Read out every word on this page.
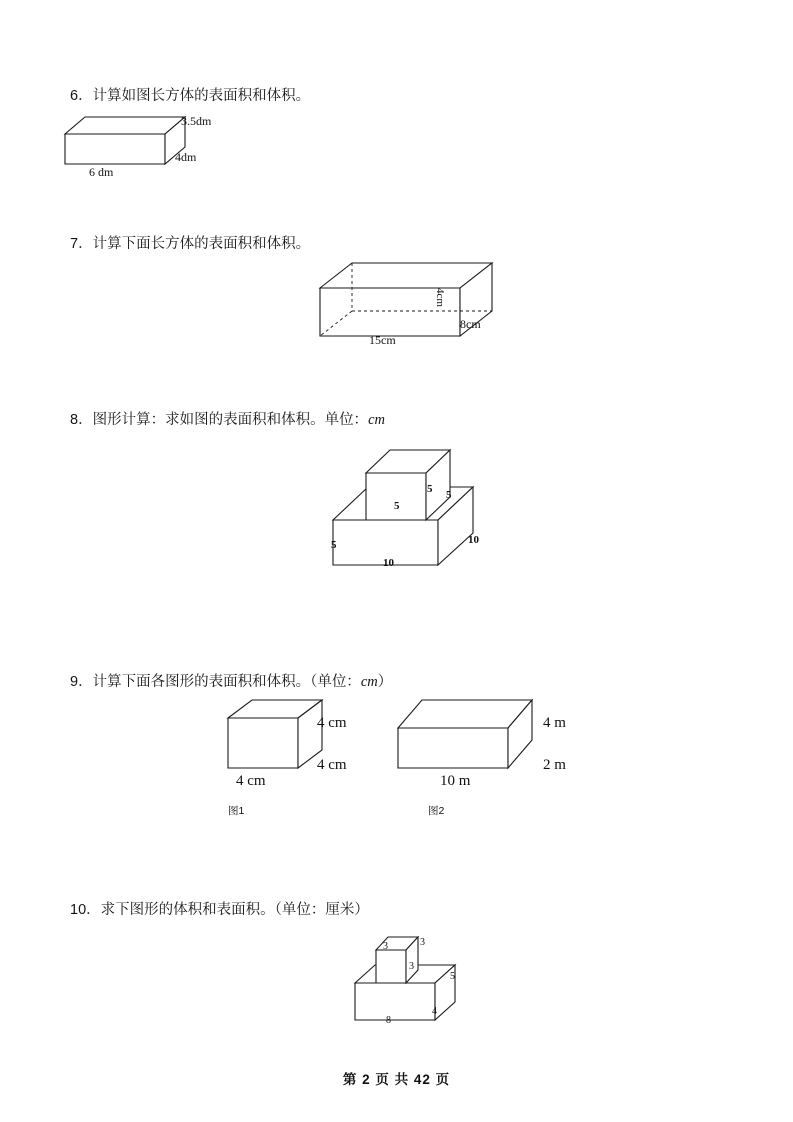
6．计算如图长方体的表面积和体积。
3.5dm
4dm
6 dm
7．计算下面长方体的表面积和体积。
4cm
8cm
15cm
8．图形计算：求如图的表面积和体积。单位：cm
5 5
5
5	10
10
9．计算下面各图形的表面积和体积。（单位：cm）
4 cm
4 cm
4 cm
图1
4 m
2 m
10 m
图2
10．求下图形的体积和表面积。（单位：厘米）
3	3
3
5
4
8
第 2 页 共 42 页
